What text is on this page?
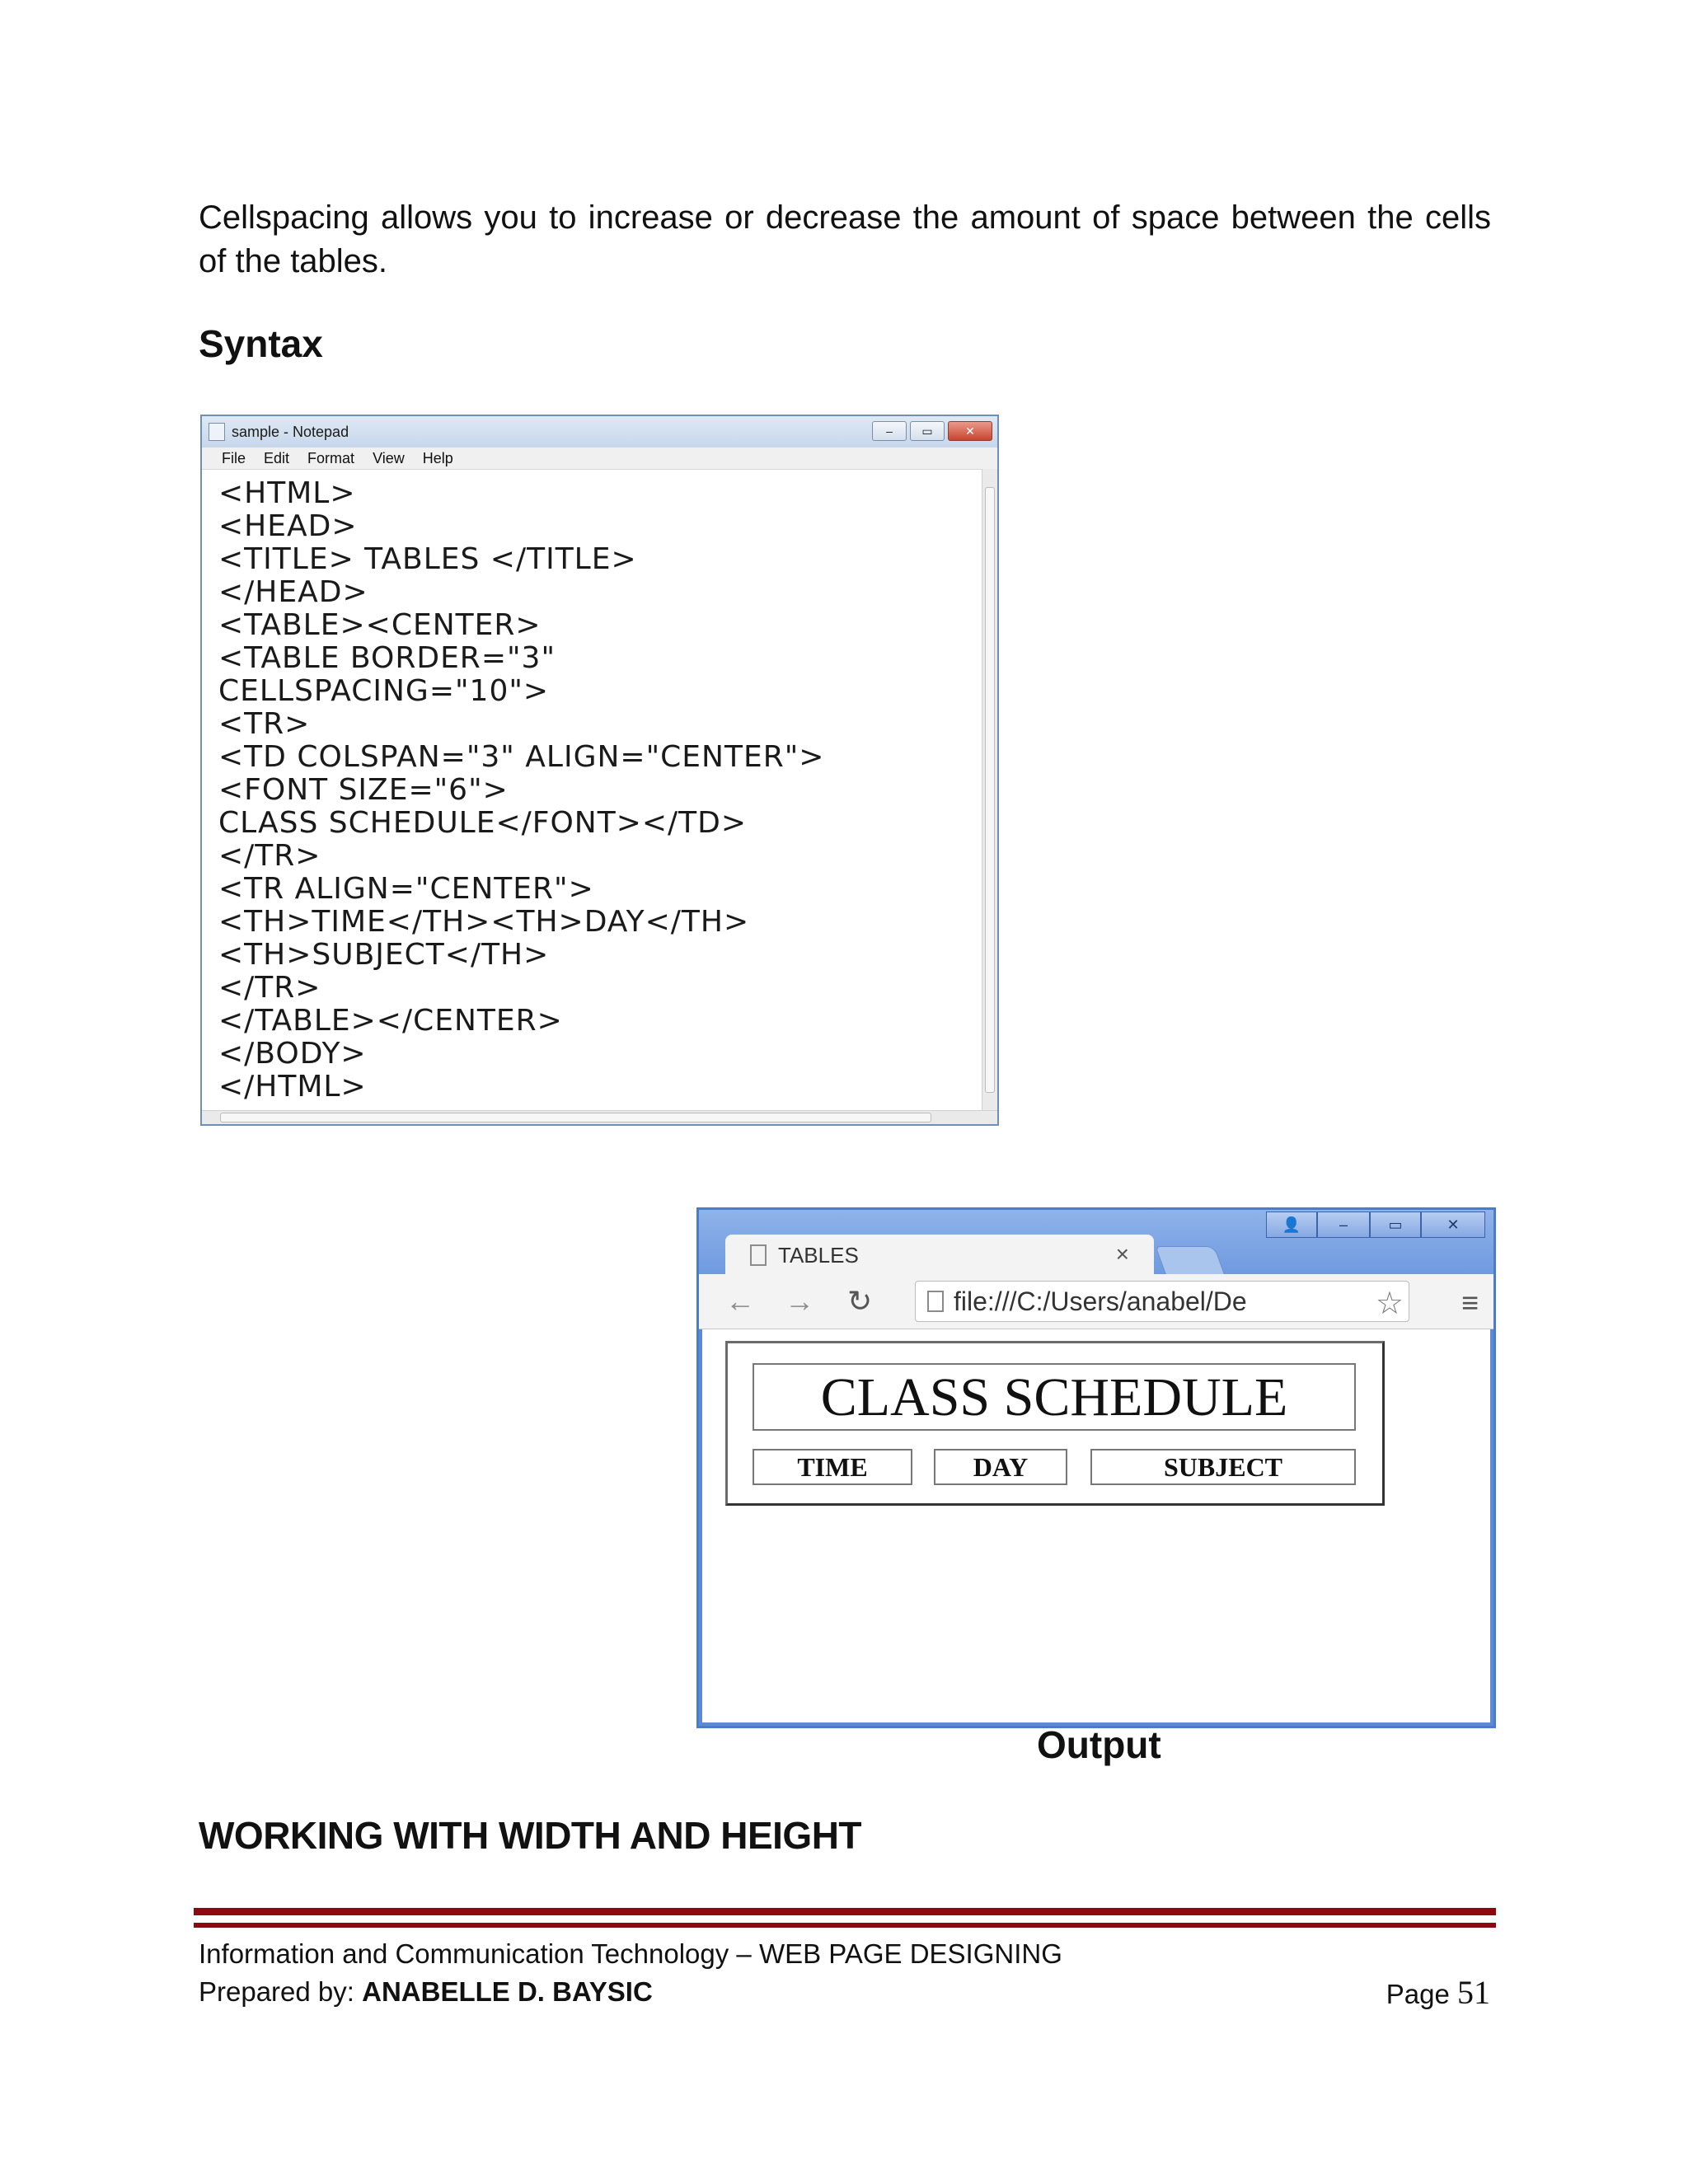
Cellspacing allows you to increase or decrease the amount of space between the cells of the tables.
Syntax
sample - Notepad	–	▭	✕
File Edit Format View Help
<HTML>
<HEAD>
<TITLE> TABLES </TITLE>
</HEAD>
<TABLE><CENTER>
<TABLE BORDER="3"
CELLSPACING="10">
<TR>
<TD COLSPAN="3" ALIGN="CENTER">
<FONT SIZE="6">
CLASS SCHEDULE</FONT></TD>
</TR>
<TR ALIGN="CENTER">
<TH>TIME</TH><TH>DAY</TH>
<TH>SUBJECT</TH>
</TR>
</TABLE></CENTER>
</BODY>
</HTML>
👤	–	▭	✕
TABLES	×
← → ↻	file:///C:/Users/anabel/De	☆ ≡
CLASS SCHEDULE
TIME	DAY	SUBJECT
Output
WORKING WITH WIDTH AND HEIGHT
Information and Communication Technology – WEB PAGE DESIGNING
Prepared by: ANABELLE D. BAYSIC	Page 51
